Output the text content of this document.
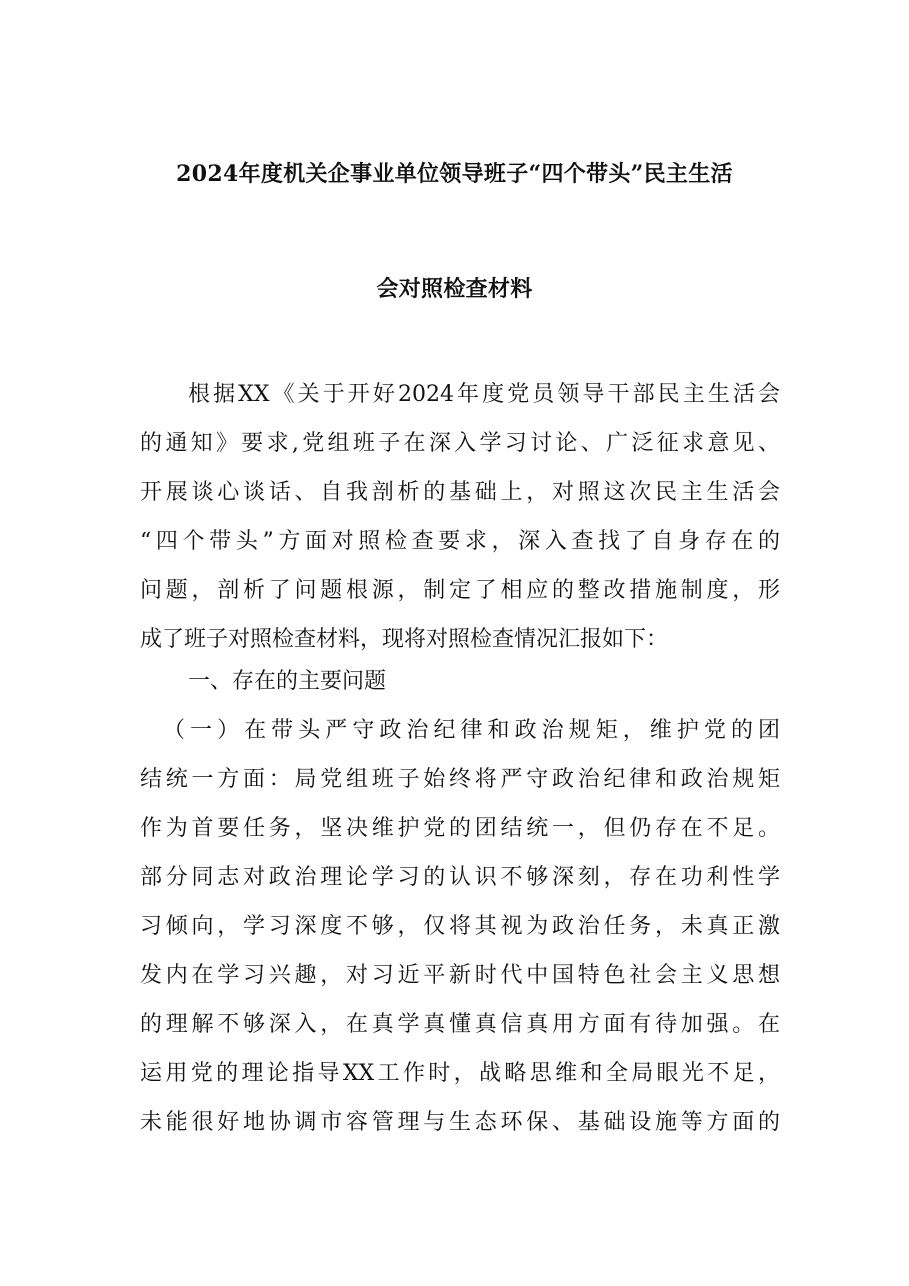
2024年度机关企事业单位领导班子“四个带头”民主生活
会对照检查材料
根据XX《关于开好2024年度党员领导干部民主生活会
的通知》要求,党组班子在深入学习讨论、广泛征求意见、
开展谈心谈话、自我剖析的基础上，对照这次民主生活会
“四个带头”方面对照检查要求，深入查找了自身存在的
问题，剖析了问题根源，制定了相应的整改措施制度，形
成了班子对照检查材料，现将对照检查情况汇报如下：
一、存在的主要问题
（一）在带头严守政治纪律和政治规矩，维护党的团
结统一方面：局党组班子始终将严守政治纪律和政治规矩
作为首要任务，坚决维护党的团结统一，但仍存在不足。
部分同志对政治理论学习的认识不够深刻，存在功利性学
习倾向，学习深度不够，仅将其视为政治任务，未真正激
发内在学习兴趣，对习近平新时代中国特色社会主义思想
的理解不够深入，在真学真懂真信真用方面有待加强。在
运用党的理论指导XX工作时，战略思维和全局眼光不足，
未能很好地协调市容管理与生态环保、基础设施等方面的
